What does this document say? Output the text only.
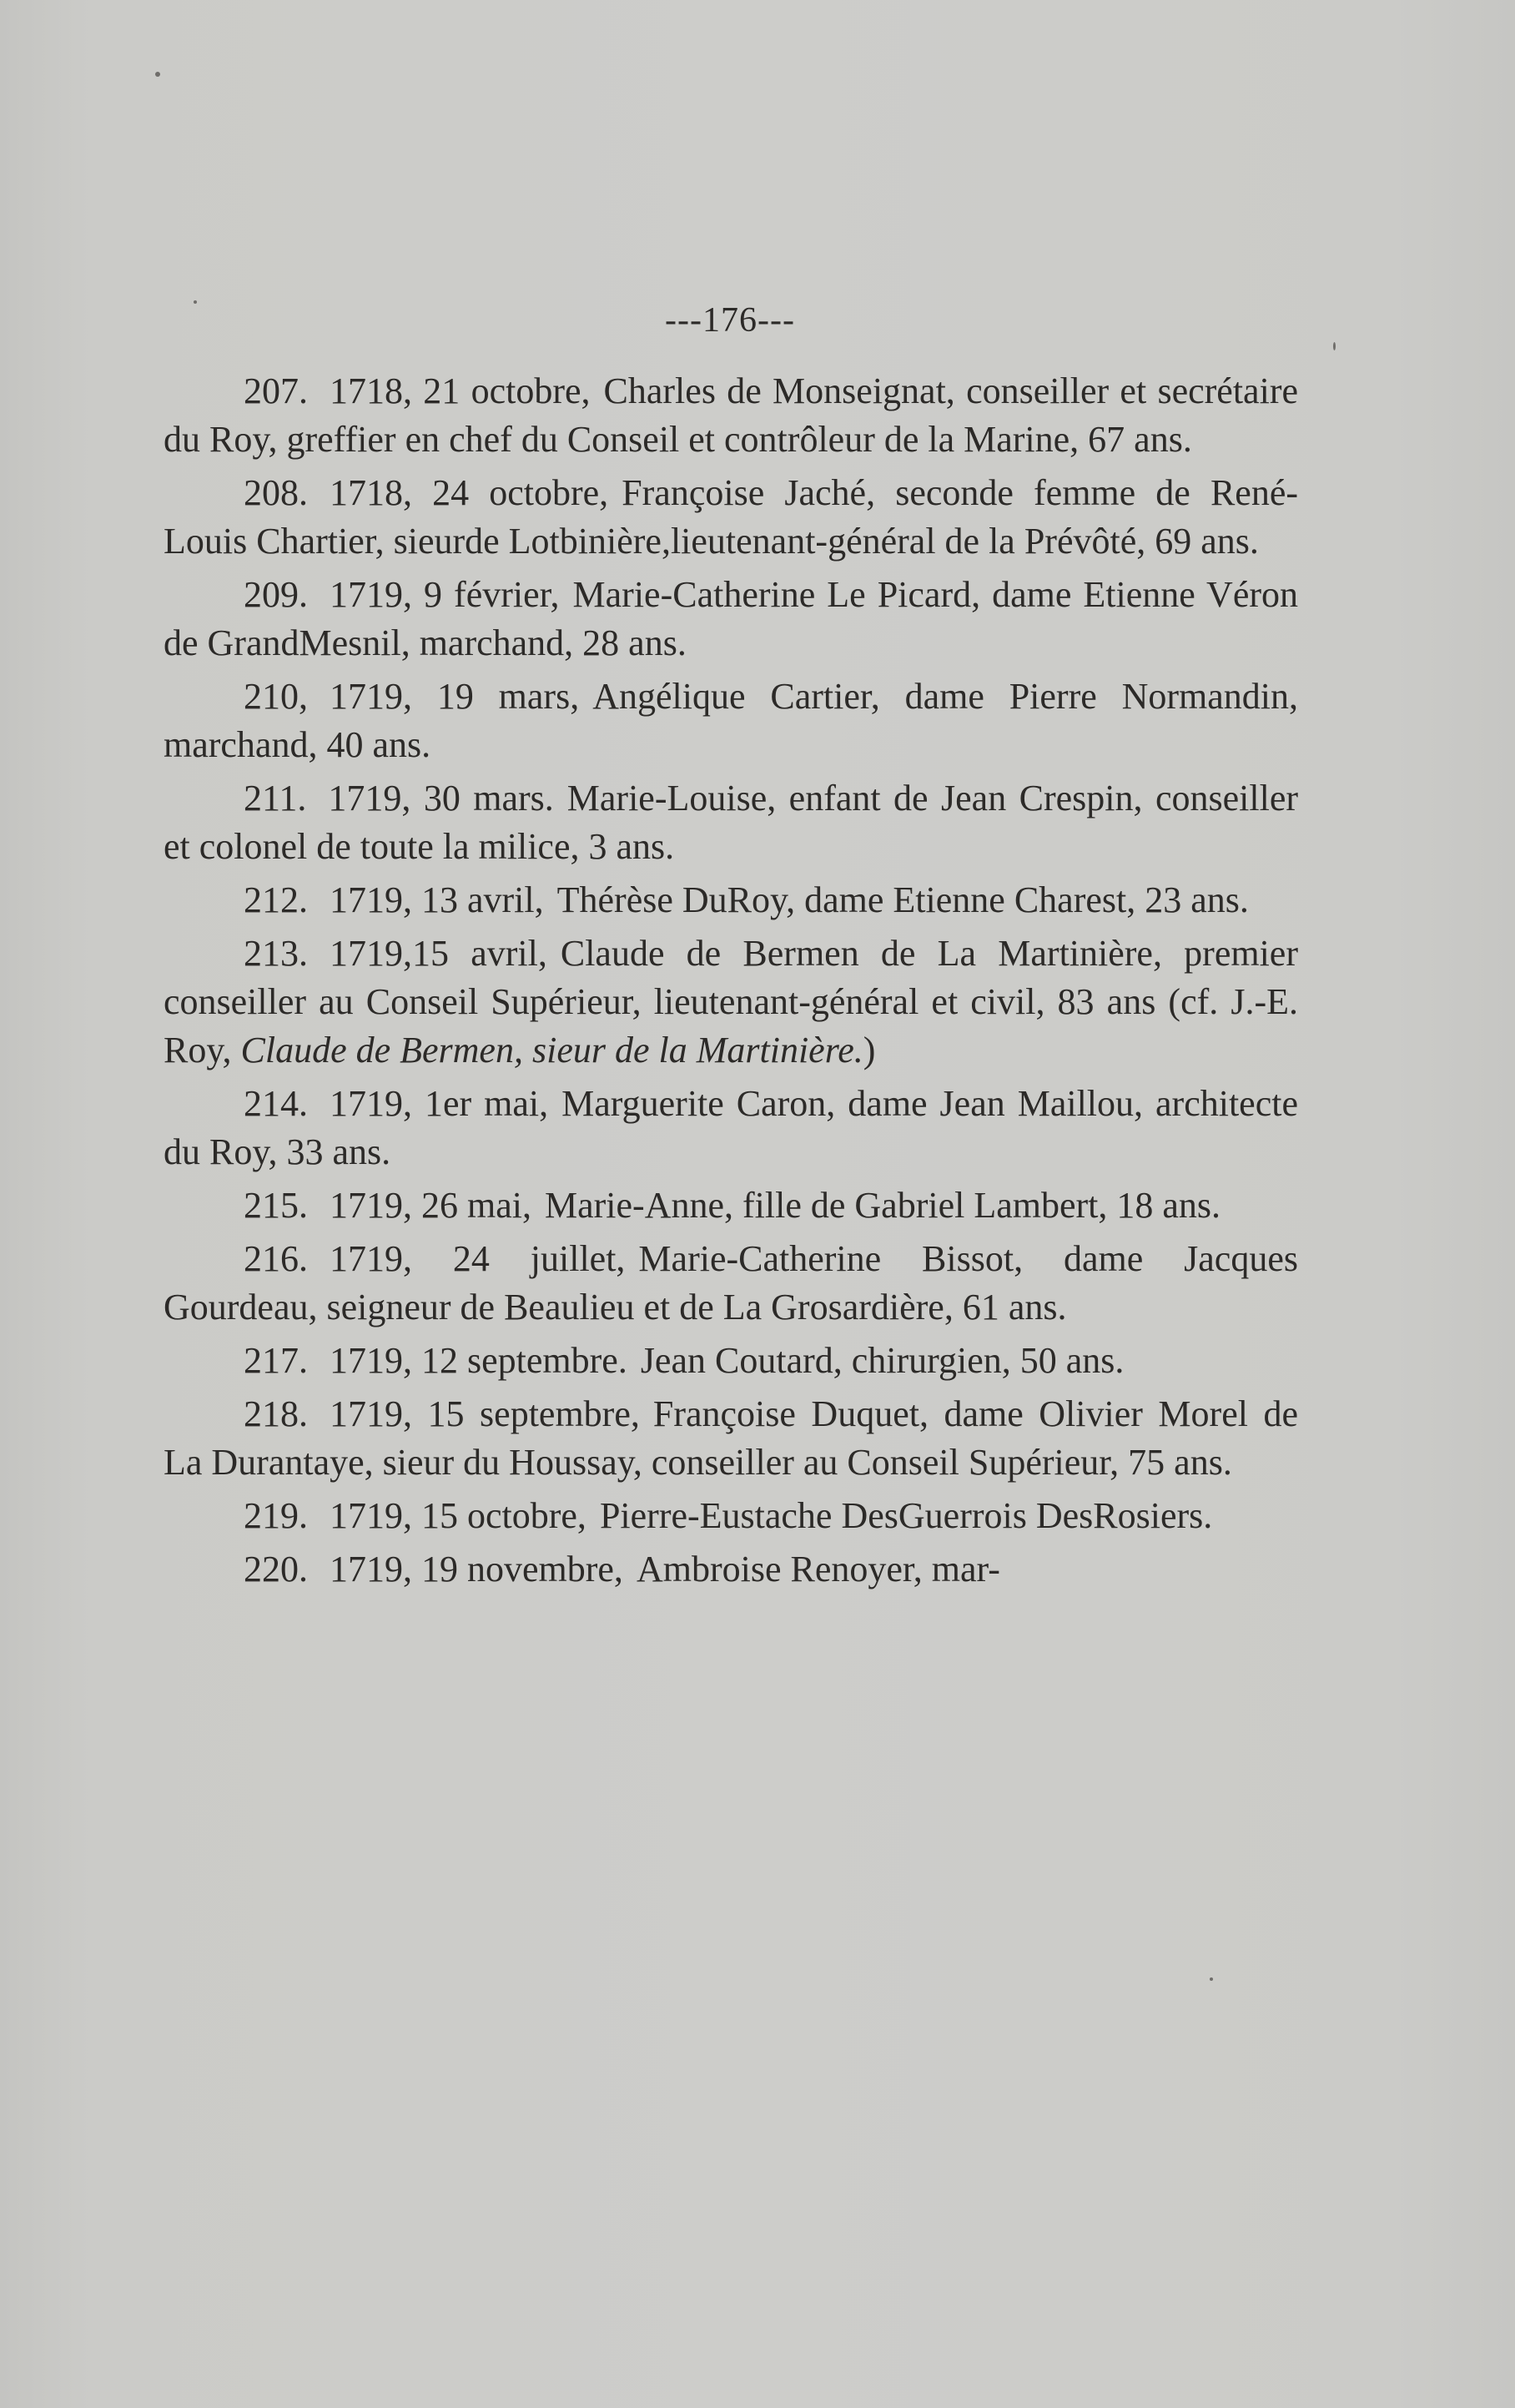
---176---

207. 1718, 21 octobre, Charles de Monseignat, conseiller et secrétaire du Roy, greffier en chef du Conseil et contrôleur de la Marine, 67 ans.

208. 1718, 24 octobre, Françoise Jaché, seconde femme de René-Louis Chartier, sieurde Lotbinière,lieutenant-général de la Prévôté, 69 ans.

209. 1719, 9 février, Marie-Catherine Le Picard, dame Etienne Véron de GrandMesnil, marchand, 28 ans.

210, 1719, 19 mars, Angélique Cartier, dame Pierre Normandin, marchand, 40 ans.

211. 1719, 30 mars. Marie-Louise, enfant de Jean Crespin, conseiller et colonel de toute la milice, 3 ans.

212. 1719, 13 avril, Thérèse DuRoy, dame Etienne Charest, 23 ans.

213. 1719,15 avril, Claude de Bermen de La Martinière, premier conseiller au Conseil Supérieur, lieutenant-général et civil, 83 ans (cf. J.-E. Roy, Claude de Bermen, sieur de la Martinière.)

214. 1719, 1er mai, Marguerite Caron, dame Jean Maillou, architecte du Roy, 33 ans.

215. 1719, 26 mai, Marie-Anne, fille de Gabriel Lambert, 18 ans.

216. 1719, 24 juillet, Marie-Catherine Bissot, dame Jacques Gourdeau, seigneur de Beaulieu et de La Grosardière, 61 ans.

217. 1719, 12 septembre. Jean Coutard, chirurgien, 50 ans.

218. 1719, 15 septembre, Françoise Duquet, dame Olivier Morel de La Durantaye, sieur du Houssay, conseiller au Conseil Supérieur, 75 ans.

219. 1719, 15 octobre, Pierre-Eustache DesGuerrois DesRosiers.

220. 1719, 19 novembre, Ambroise Renoyer, mar-
